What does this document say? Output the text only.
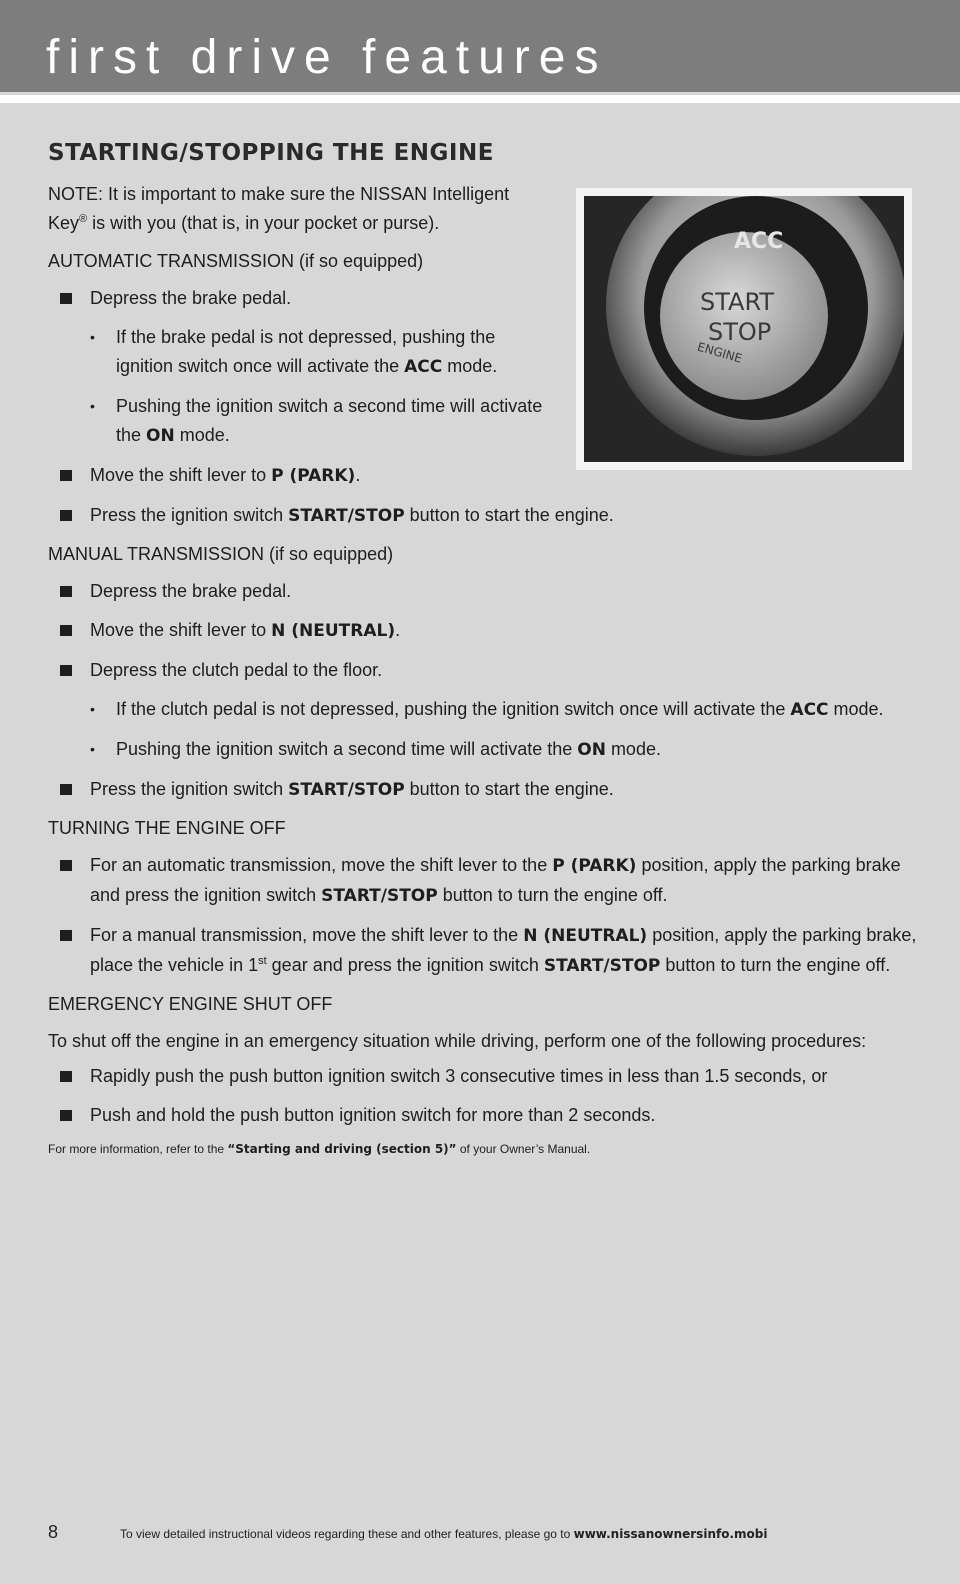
first drive features
ACC
START
STOP
ENGINE
STARTING/STOPPING THE ENGINE
NOTE: It is important to make sure the NISSAN Intelligent Key® is with you (that is, in your pocket or purse).
AUTOMATIC TRANSMISSION (if so equipped)
Depress the brake pedal.
• If the brake pedal is not depressed, pushing the ignition switch once will activate the ACC mode.
• Pushing the ignition switch a second time will activate the ON mode.
Move the shift lever to P (PARK).
Press the ignition switch START/STOP button to start the engine.
MANUAL TRANSMISSION (if so equipped)
Depress the brake pedal.
Move the shift lever to N (NEUTRAL).
Depress the clutch pedal to the floor.
• If the clutch pedal is not depressed, pushing the ignition switch once will activate the ACC mode.
• Pushing the ignition switch a second time will activate the ON mode.
Press the ignition switch START/STOP button to start the engine.
TURNING THE ENGINE OFF
For an automatic transmission, move the shift lever to the P (PARK) position, apply the parking brake and press the ignition switch START/STOP button to turn the engine off.
For a manual transmission, move the shift lever to the N (NEUTRAL) position, apply the parking brake, place the vehicle in 1st gear and press the ignition switch START/STOP button to turn the engine off.
EMERGENCY ENGINE SHUT OFF
To shut off the engine in an emergency situation while driving, perform one of the following procedures:
Rapidly push the push button ignition switch 3 consecutive times in less than 1.5 seconds, or
Push and hold the push button ignition switch for more than 2 seconds.
For more information, refer to the “Starting and driving (section 5)” of your Owner’s Manual.
8	To view detailed instructional videos regarding these and other features, please go to www.nissanownersinfo.mobi
